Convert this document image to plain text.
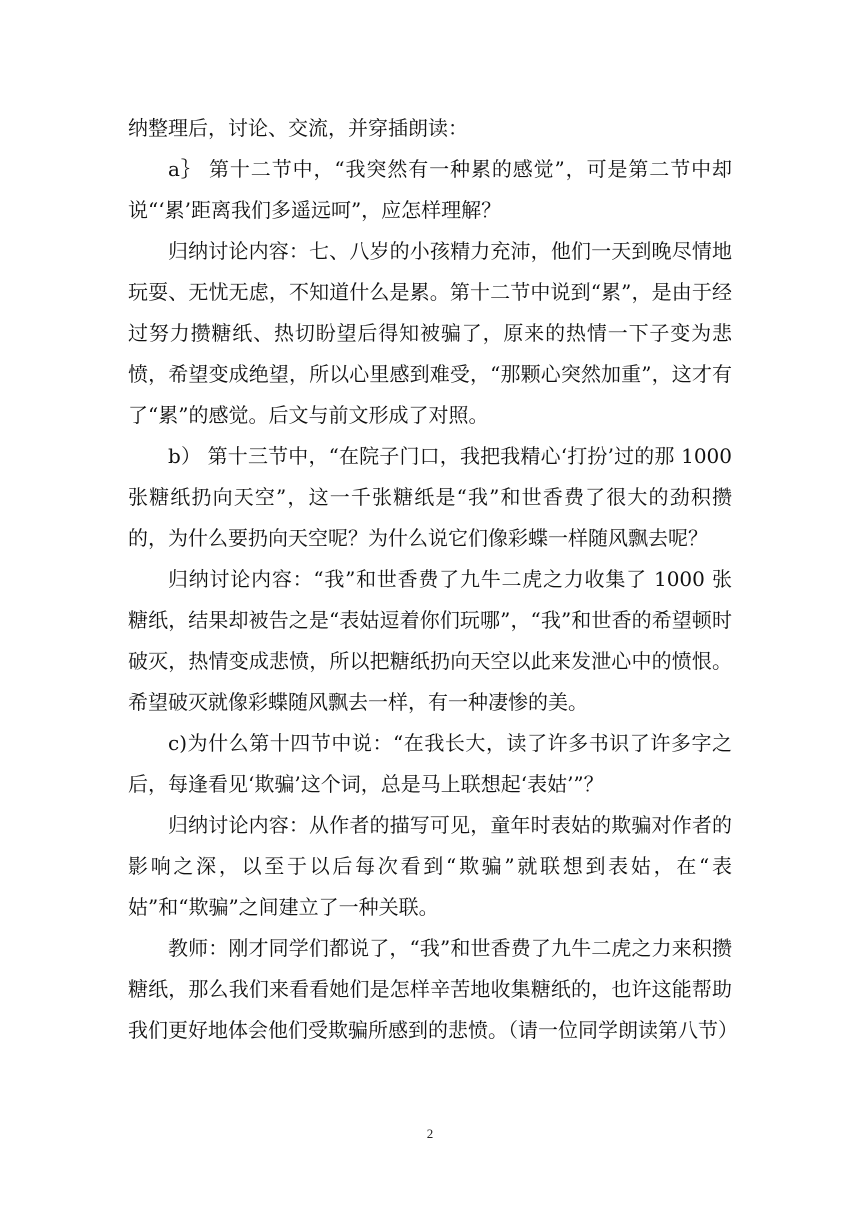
纳整理后，讨论、交流，并穿插朗读：

a｝ 第十二节中，“我突然有一种累的感觉”，可是第二节中却说“‘累’距离我们多遥远呵”，应怎样理解？

归纳讨论内容：七、八岁的小孩精力充沛，他们一天到晚尽情地玩耍、无忧无虑，不知道什么是累。第十二节中说到“累”，是由于经过努力攒糖纸、热切盼望后得知被骗了，原来的热情一下子变为悲愤，希望变成绝望，所以心里感到难受，“那颗心突然加重”，这才有了“累”的感觉。后文与前文形成了对照。

b） 第十三节中，“在院子门口，我把我精心‘打扮’过的那 1000 张糖纸扔向天空”，这一千张糖纸是“我”和世香费了很大的劲积攒的，为什么要扔向天空呢？为什么说它们像彩蝶一样随风飘去呢？

归纳讨论内容：“我”和世香费了九牛二虎之力收集了 1000 张糖纸，结果却被告之是“表姑逗着你们玩哪”，“我”和世香的希望顿时破灭，热情变成悲愤，所以把糖纸扔向天空以此来发泄心中的愤恨。希望破灭就像彩蝶随风飘去一样，有一种凄惨的美。

c)为什么第十四节中说：“在我长大，读了许多书识了许多字之后，每逢看见‘欺骗’这个词，总是马上联想起‘表姑’”？

归纳讨论内容：从作者的描写可见，童年时表姑的欺骗对作者的影响之深，以至于以后每次看到“欺骗”就联想到表姑，在“表姑”和“欺骗”之间建立了一种关联。

教师：刚才同学们都说了，“我”和世香费了九牛二虎之力来积攒糖纸，那么我们来看看她们是怎样辛苦地收集糖纸的，也许这能帮助我们更好地体会他们受欺骗所感到的悲愤。（请一位同学朗读第八节）

2
